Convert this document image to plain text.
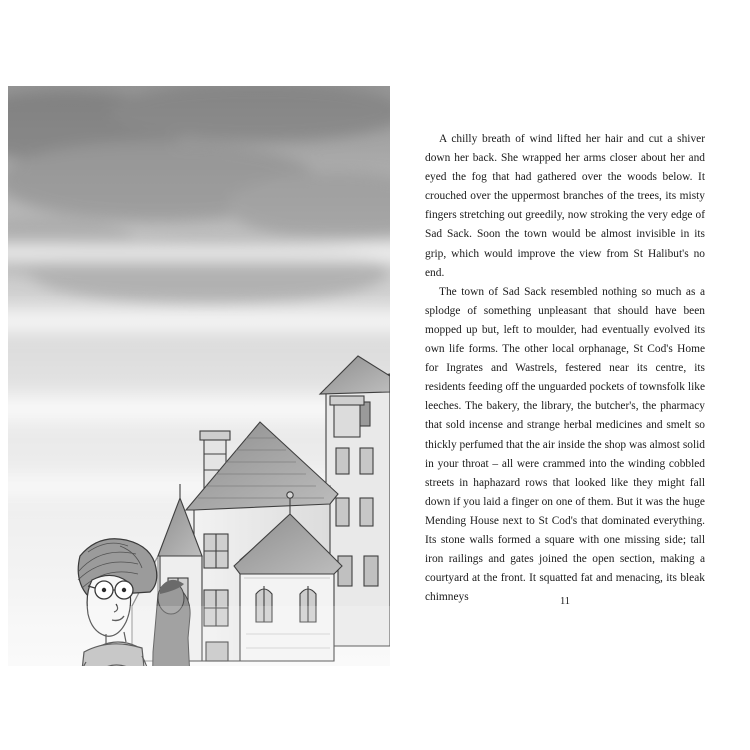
A chilly breath of wind lifted her hair and cut a shiver down her back. She wrapped her arms closer about her and eyed the fog that had gathered over the woods below. It crouched over the uppermost branches of the trees, its misty fingers stretching out greedily, now stroking the very edge of Sad Sack. Soon the town would be almost invisible in its grip, which would improve the view from St Halibut's no end.

The town of Sad Sack resembled nothing so much as a splodge of something unpleasant that should have been mopped up but, left to moulder, had eventually evolved its own life forms. The other local orphanage, St Cod's Home for Ingrates and Wastrels, festered near its centre, its residents feeding off the unguarded pockets of townsfolk like leeches. The bakery, the library, the butcher's, the pharmacy that sold incense and strange herbal medicines and smelt so thickly perfumed that the air inside the shop was almost solid in your throat – all were crammed into the winding cobbled streets in haphazard rows that looked like they might fall down if you laid a finger on one of them. But it was the huge Mending House next to St Cod's that dominated everything. Its stone walls formed a square with one missing side; tall iron railings and gates joined the open section, making a courtyard at the front. It squatted fat and menacing, its bleak chimneys	11
